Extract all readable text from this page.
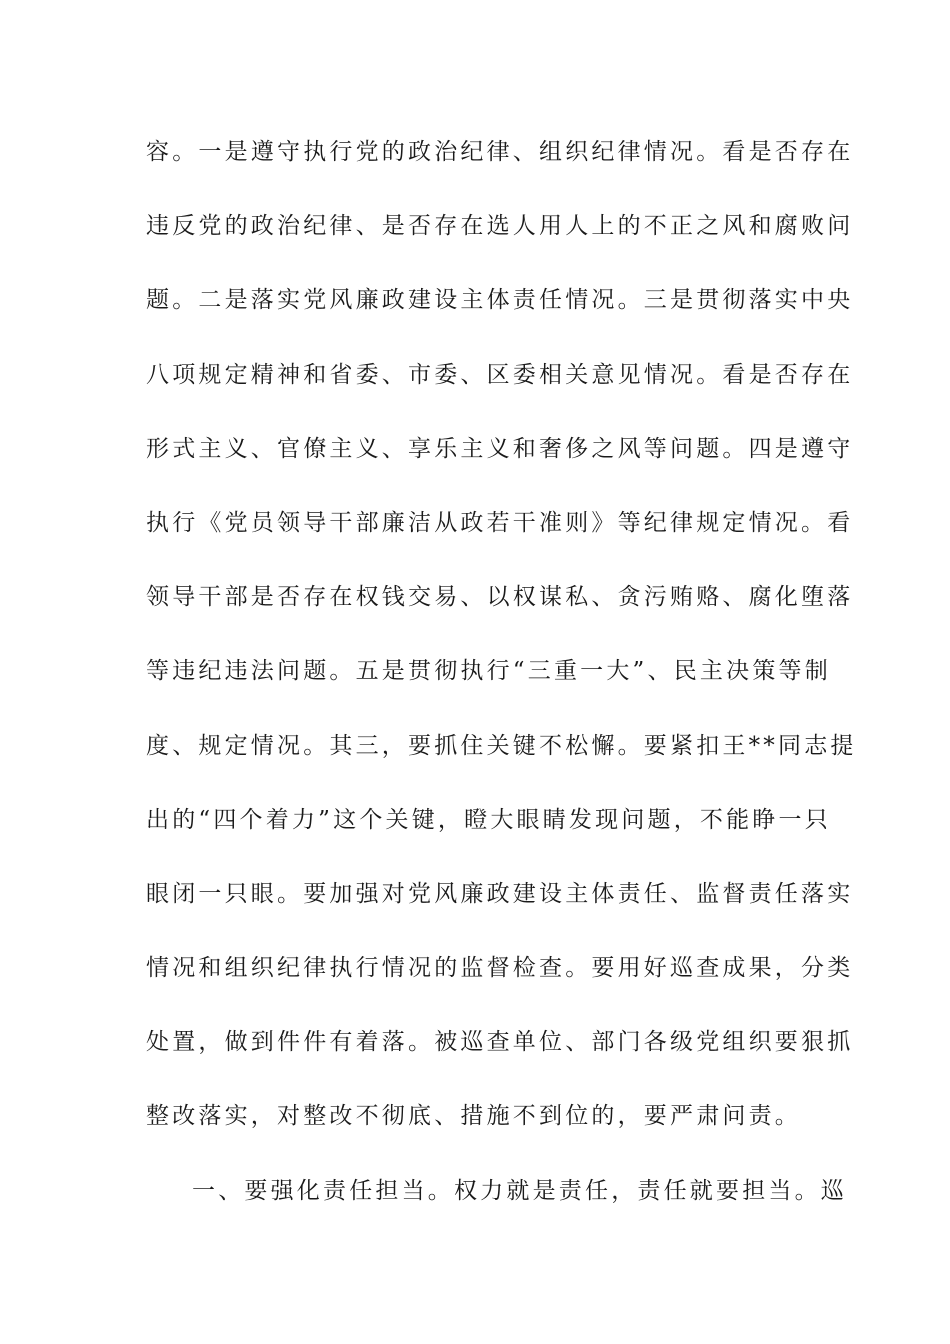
容。一是遵守执行党的政治纪律、组织纪律情况。看是否存在
违反党的政治纪律、是否存在选人用人上的不正之风和腐败问
题。二是落实党风廉政建设主体责任情况。三是贯彻落实中央
八项规定精神和省委、市委、区委相关意见情况。看是否存在
形式主义、官僚主义、享乐主义和奢侈之风等问题。四是遵守
执行《党员领导干部廉洁从政若干准则》等纪律规定情况。看
领导干部是否存在权钱交易、以权谋私、贪污贿赂、腐化堕落
等违纪违法问题。五是贯彻执行“三重一大”、民主决策等制
度、规定情况。其三，要抓住关键不松懈。要紧扣王**同志提
出的“四个着力”这个关键，瞪大眼睛发现问题，不能睁一只
眼闭一只眼。要加强对党风廉政建设主体责任、监督责任落实
情况和组织纪律执行情况的监督检查。要用好巡查成果，分类
处置，做到件件有着落。被巡查单位、部门各级党组织要狠抓
整改落实，对整改不彻底、措施不到位的，要严肃问责。
一、要强化责任担当。权力就是责任，责任就要担当。巡
